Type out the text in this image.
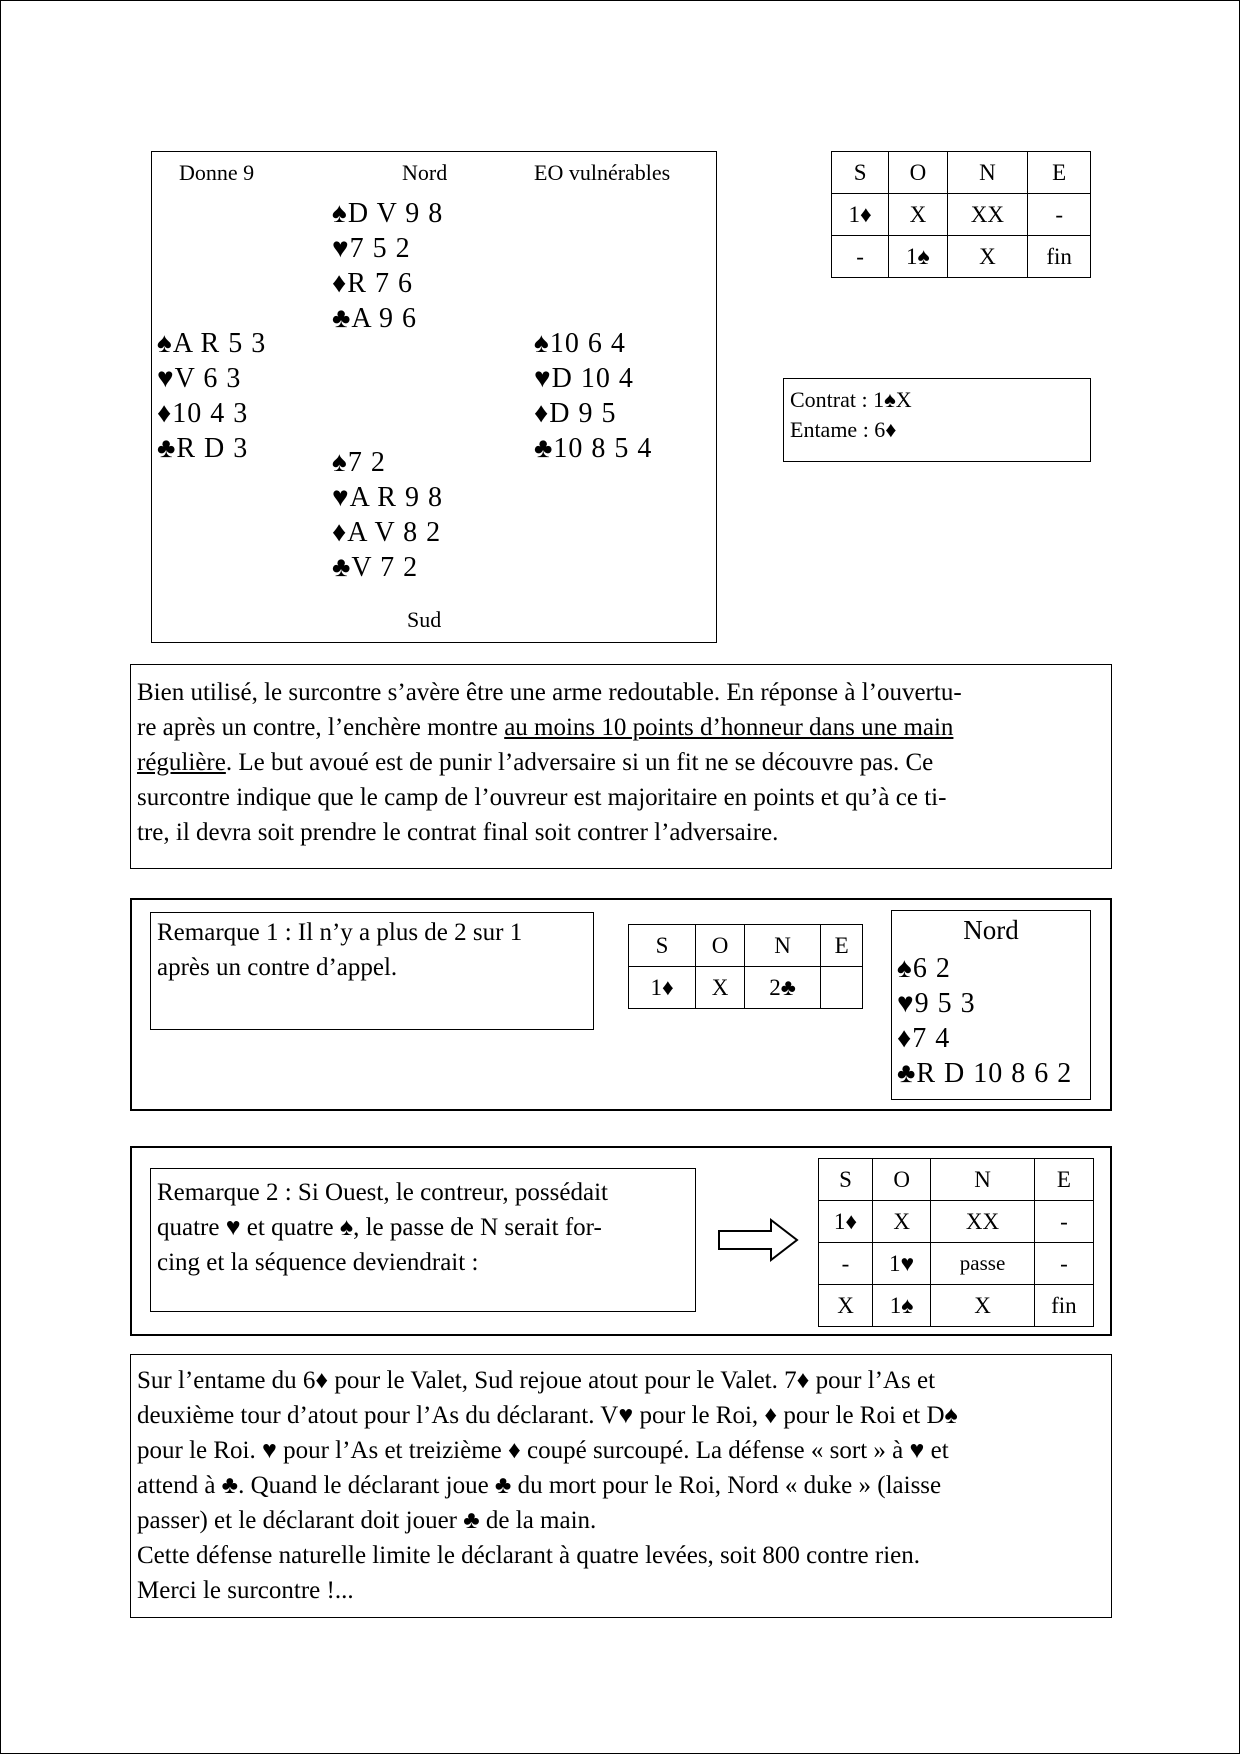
Donne 9	Nord	EO vulnérables
♠D V 9 8
♥7 5 2
♦R 7 6
♣A 9 6
♠A R 5 3
♥V 6 3
♦10 4 3
♣R D 3
♠10 6 4
♥D 10 4
♦D 9 5
♣10 8 5 4
♠7 2
♥A R 9 8
♦A V 8 2
♣V 7 2
Sud
S	O	N	E
1♦	X	XX	-
-	1♠	X	fin
Contrat : 1♠X
Entame : 6♦
Bien utilisé, le surcontre s’avère être une arme redoutable. En réponse à l’ouvertu-
re après un contre, l’enchère montre au moins 10 points d’honneur dans une main
régulière. Le but avoué est de punir l’adversaire si un fit ne se découvre pas. Ce
surcontre indique que le camp de l’ouvreur est majoritaire en points et qu’à ce ti-
tre, il devra soit prendre le contrat final soit contrer l’adversaire.
Remarque 1 : Il n’y a plus de 2 sur 1
après un contre d’appel.
S	O	N	E
1♦	X	2♣	
Nord
♠6 2
♥9 5 3
♦7 4
♣R D 10 8 6 2
Remarque 2 : Si Ouest, le contreur, possédait
quatre ♥ et quatre ♠, le passe de N serait for-
cing et la séquence deviendrait :
S	O	N	E
1♦	X	XX	-
-	1♥	passe	-
X	1♠	X	fin
Sur l’entame du 6♦ pour le Valet, Sud rejoue atout pour le Valet. 7♦ pour l’As et
deuxième tour d’atout pour l’As du déclarant. V♥ pour le Roi, ♦ pour le Roi et D♠
pour le Roi. ♥ pour l’As et treizième ♦ coupé surcoupé. La défense « sort » à ♥ et
attend à ♣. Quand le déclarant joue ♣ du mort pour le Roi, Nord « duke » (laisse
passer) et le déclarant doit jouer ♣ de la main.
Cette défense naturelle limite le déclarant à quatre levées, soit 800 contre rien.
Merci le surcontre !...
